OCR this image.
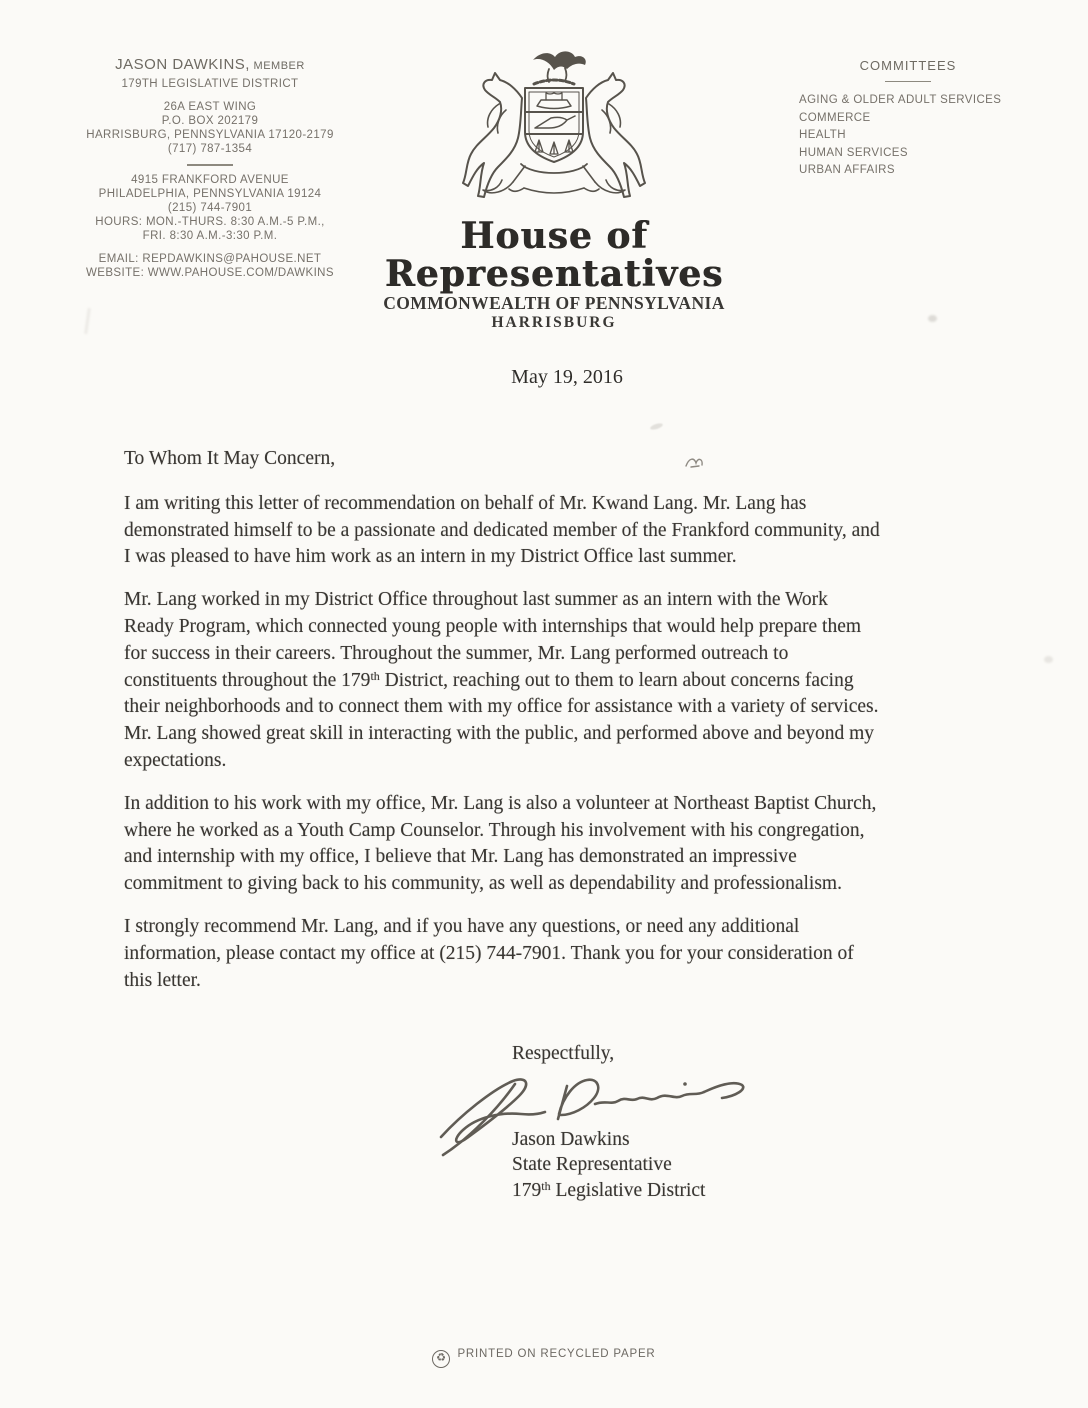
JASON DAWKINS, MEMBER
179TH LEGISLATIVE DISTRICT
26A EAST WING
P.O. BOX 202179
HARRISBURG, PENNSYLVANIA 17120-2179
(717) 787-1354
4915 FRANKFORD AVENUE
PHILADELPHIA, PENNSYLVANIA 19124
(215) 744-7901
HOURS: MON.-THURS. 8:30 A.M.-5 P.M.,
FRI. 8:30 A.M.-3:30 P.M.
EMAIL: REPDAWKINS@PAHOUSE.NET
WEBSITE: WWW.PAHOUSE.COM/DAWKINS
House of Representatives
COMMONWEALTH OF PENNSYLVANIA
HARRISBURG
COMMITTEES
AGING & OLDER ADULT SERVICES
COMMERCE
HEALTH
HUMAN SERVICES
URBAN AFFAIRS
May 19, 2016

To Whom It May Concern,

I am writing this letter of recommendation on behalf of Mr. Kwand Lang. Mr. Lang has
demonstrated himself to be a passionate and dedicated member of the Frankford community, and
I was pleased to have him work as an intern in my District Office last summer.

Mr. Lang worked in my District Office throughout last summer as an intern with the Work
Ready Program, which connected young people with internships that would help prepare them
for success in their careers. Throughout the summer, Mr. Lang performed outreach to
constituents throughout the 179th District, reaching out to them to learn about concerns facing
their neighborhoods and to connect them with my office for assistance with a variety of services.
Mr. Lang showed great skill in interacting with the public, and performed above and beyond my
expectations.

In addition to his work with my office, Mr. Lang is also a volunteer at Northeast Baptist Church,
where he worked as a Youth Camp Counselor. Through his involvement with his congregation,
and internship with my office, I believe that Mr. Lang has demonstrated an impressive
commitment to giving back to his community, as well as dependability and professionalism.

I strongly recommend Mr. Lang, and if you have any questions, or need any additional
information, please contact my office at (215) 744-7901. Thank you for your consideration of
this letter.

Respectfully,
Jason Dawkins
State Representative
179th Legislative District
♻ PRINTED ON RECYCLED PAPER
